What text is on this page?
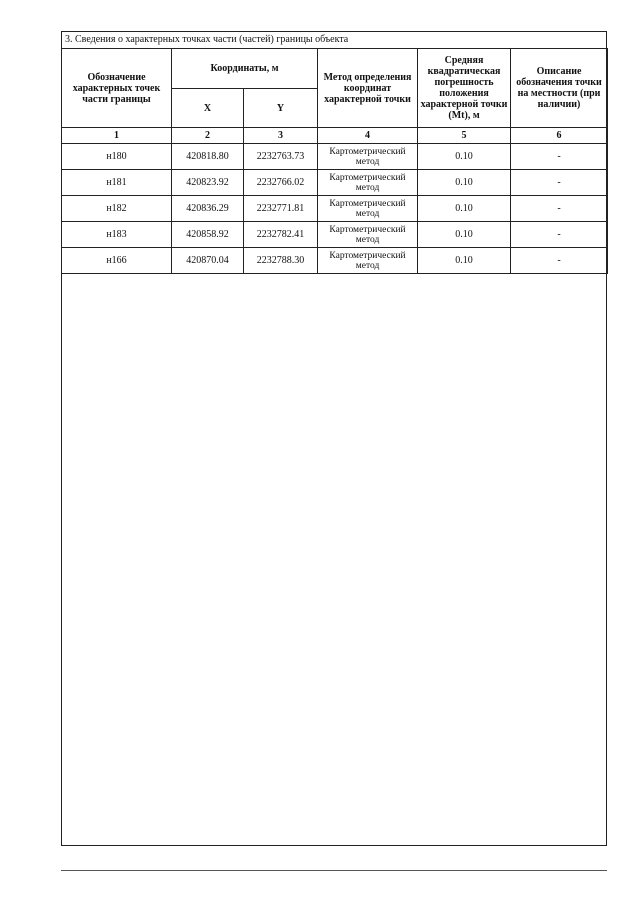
3. Сведения о характерных точках части (частей) границы объекта
Обозначение характерных точек части границы	Координаты, м		Метод определения координат характерной точки	Средняя квадратическая погрешность положения характерной точки (Mt), м	Описание обозначения точки на местности (при наличии)
	X	Y			
1	2	3	4	5	6
н180	420818.80	2232763.73	Картометрический метод	0.10	-
н181	420823.92	2232766.02	Картометрический метод	0.10	-
н182	420836.29	2232771.81	Картометрический метод	0.10	-
н183	420858.92	2232782.41	Картометрический метод	0.10	-
н166	420870.04	2232788.30	Картометрический метод	0.10	-
